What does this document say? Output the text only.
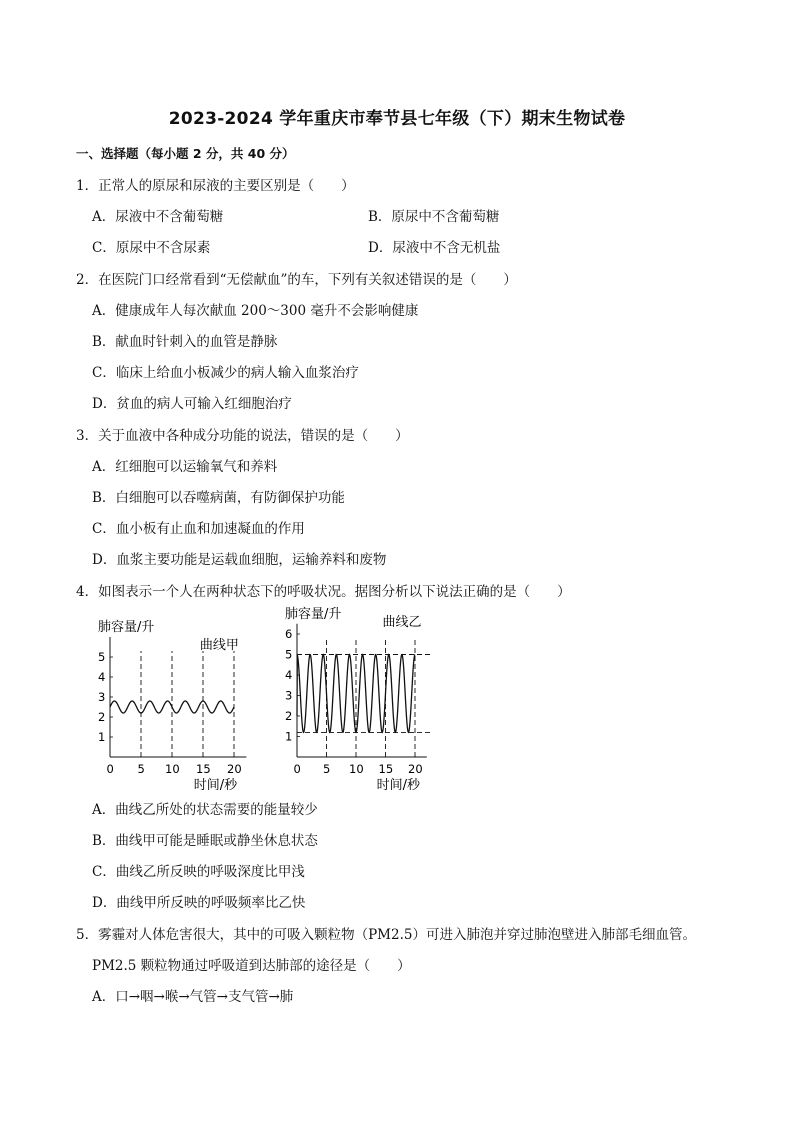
2023-2024 学年重庆市奉节县七年级（下）期末生物试卷
一、选择题（每小题 2 分，共 40 分）
1．正常人的原尿和尿液的主要区别是（　　）
A．尿液中不含葡萄糖	B．原尿中不含葡萄糖
C．原尿中不含尿素	D．尿液中不含无机盐
2．在医院门口经常看到“无偿献血”的车，下列有关叙述错误的是（　　）
A．健康成年人每次献血 200～300 毫升不会影响健康
B．献血时针刺入的血管是静脉
C．临床上给血小板减少的病人输入血浆治疗
D．贫血的病人可输入红细胞治疗
3．关于血液中各种成分功能的说法，错误的是（　　）
A．红细胞可以运输氧气和养料
B．白细胞可以吞噬病菌，有防御保护功能
C．血小板有止血和加速凝血的作用
D．血浆主要功能是运载血细胞，运输养料和废物
4．如图表示一个人在两种状态下的呼吸状况。据图分析以下说法正确的是（　　）
肺容量/升
时间/秒
1
2
3
4
5
0 5 10 15 20
曲线甲
肺容量/升
时间/秒
1
2
3
4
5
6
0 5 10 15 20
曲线乙
A．曲线乙所处的状态需要的能量较少
B．曲线甲可能是睡眠或静坐休息状态
C．曲线乙所反映的呼吸深度比甲浅
D．曲线甲所反映的呼吸频率比乙快
5．雾霾对人体危害很大，其中的可吸入颗粒物（PM2.5）可进入肺泡并穿过肺泡壁进入肺部毛细血管。
PM2.5 颗粒物通过呼吸道到达肺部的途径是（　　）
A．口→咽→喉→气管→支气管→肺
